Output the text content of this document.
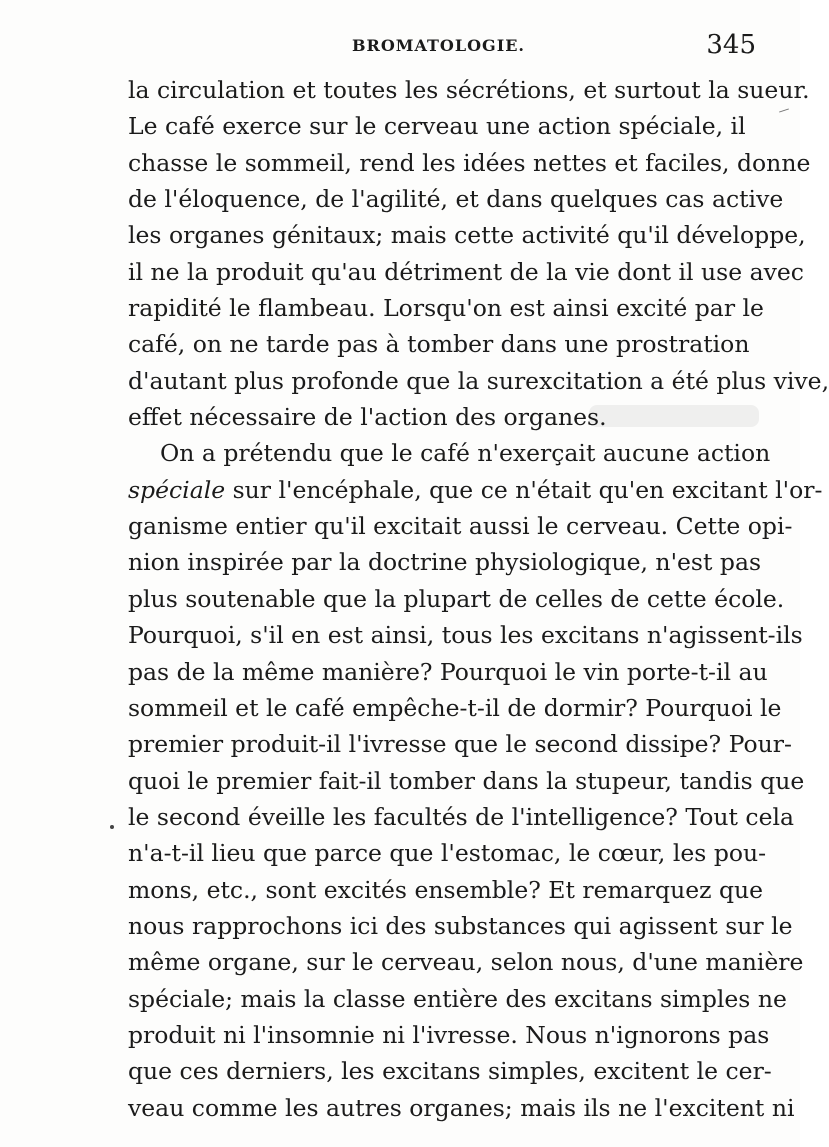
BROMATOLOGIE.	345
la circulation et toutes les sécrétions, et surtout la sueur.
Le café exerce sur le cerveau une action spéciale, il
chasse le sommeil, rend les idées nettes et faciles, donne
de l'éloquence, de l'agilité, et dans quelques cas active
les organes génitaux; mais cette activité qu'il développe,
il ne la produit qu'au détriment de la vie dont il use avec
rapidité le flambeau. Lorsqu'on est ainsi excité par le
café, on ne tarde pas à tomber dans une prostration
d'autant plus profonde que la surexcitation a été plus vive,
effet nécessaire de l'action des organes.
On a prétendu que le café n'exerçait aucune action
spéciale sur l'encéphale, que ce n'était qu'en excitant l'or-
ganisme entier qu'il excitait aussi le cerveau. Cette opi-
nion inspirée par la doctrine physiologique, n'est pas
plus soutenable que la plupart de celles de cette école.
Pourquoi, s'il en est ainsi, tous les excitans n'agissent-ils
pas de la même manière? Pourquoi le vin porte-t-il au
sommeil et le café empêche-t-il de dormir? Pourquoi le
premier produit-il l'ivresse que le second dissipe? Pour-
quoi le premier fait-il tomber dans la stupeur, tandis que
le second éveille les facultés de l'intelligence? Tout cela
n'a-t-il lieu que parce que l'estomac, le cœur, les pou-
mons, etc., sont excités ensemble? Et remarquez que
nous rapprochons ici des substances qui agissent sur le
même organe, sur le cerveau, selon nous, d'une manière
spéciale; mais la classe entière des excitans simples ne
produit ni l'insomnie ni l'ivresse. Nous n'ignorons pas
que ces derniers, les excitans simples, excitent le cer-
veau comme les autres organes; mais ils ne l'excitent ni
